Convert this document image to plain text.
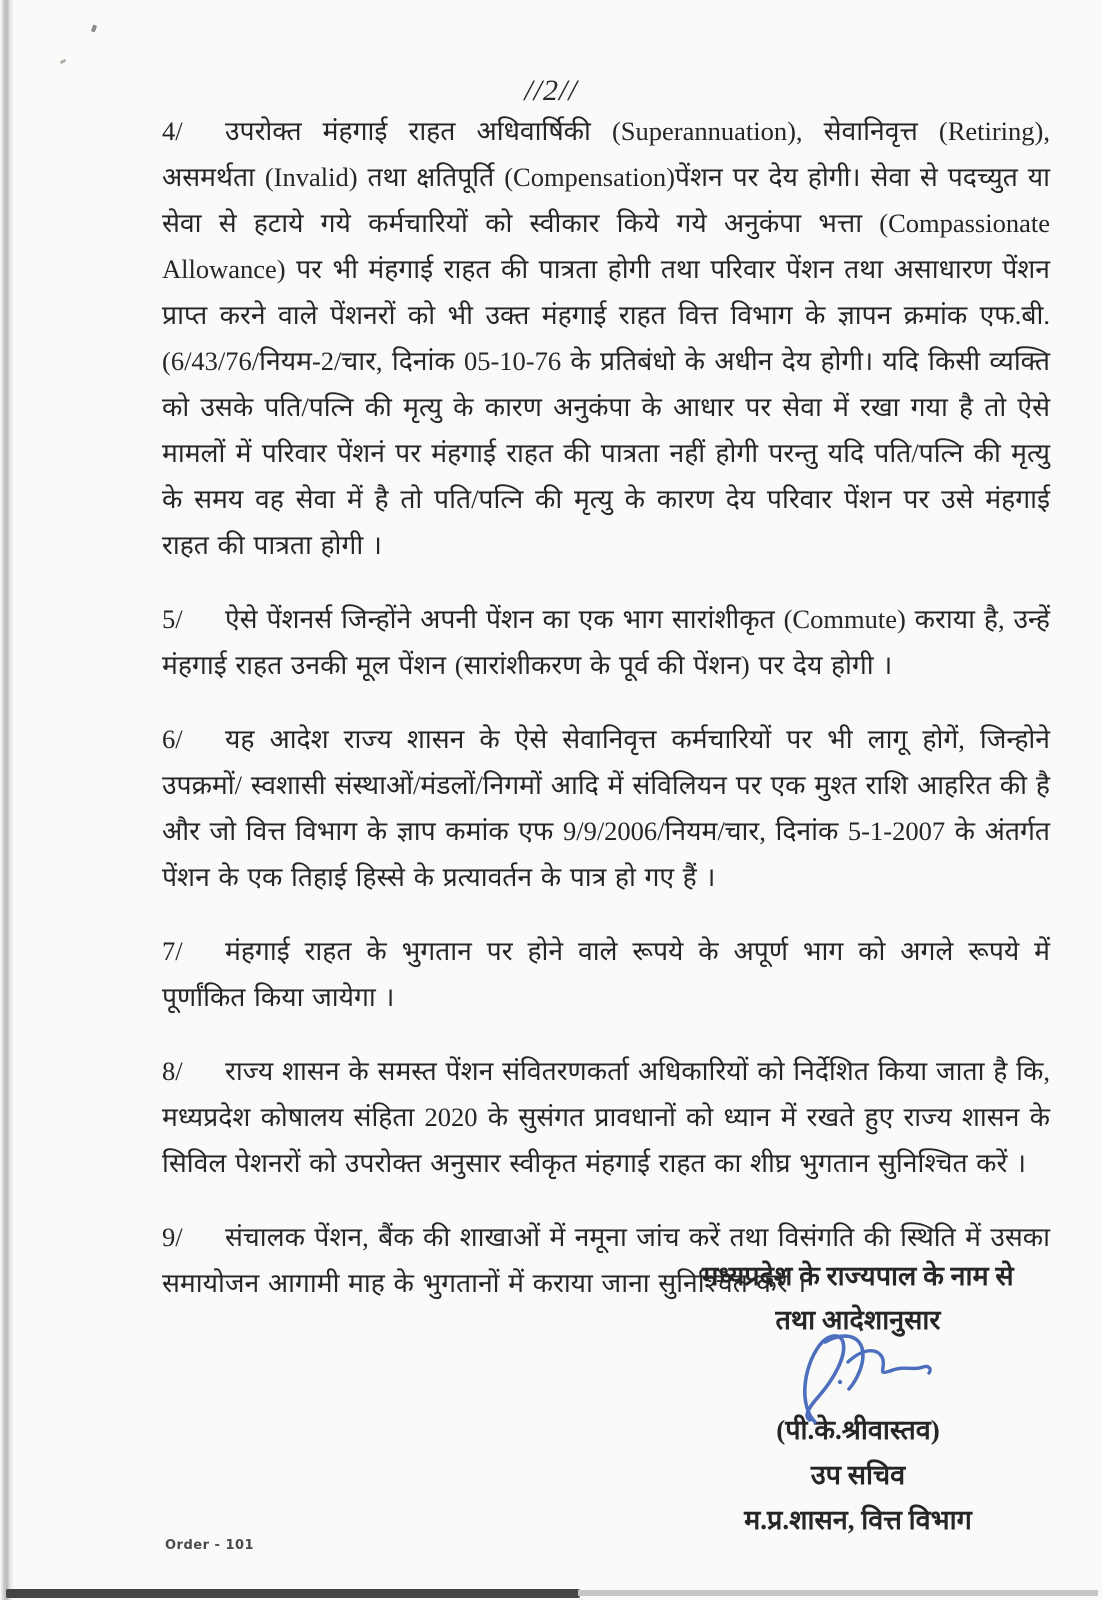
//2//

4/ उपरोक्त मंहगाई राहत अधिवार्षिकी (Superannuation), सेवानिवृत्त (Retiring), असमर्थता (Invalid) तथा क्षतिपूर्ति (Compensation)पेंशन पर देय होगी। सेवा से पदच्युत या सेवा से हटाये गये कर्मचारियों को स्वीकार किये गये अनुकंपा भत्ता (Compassionate Allowance) पर भी मंहगाई राहत की पात्रता होगी तथा परिवार पेंशन तथा असाधारण पेंशन प्राप्त करने वाले पेंशनरों को भी उक्त मंहगाई राहत वित्त विभाग के ज्ञापन क्रमांक एफ.बी. (6/43/76/नियम-2/चार, दिनांक 05-10-76 के प्रतिबंधो के अधीन देय होगी। यदि किसी व्यक्ति को उसके पति/पत्नि की मृत्यु के कारण अनुकंपा के आधार पर सेवा में रखा गया है तो ऐसे मामलों में परिवार पेंशनं पर मंहगाई राहत की पात्रता नहीं होगी परन्तु यदि पति/पत्नि की मृत्यु के समय वह सेवा में है तो पति/पत्नि की मृत्यु के कारण देय परिवार पेंशन पर उसे मंहगाई राहत की पात्रता होगी ।

5/ ऐसे पेंशनर्स जिन्होंने अपनी पेंशन का एक भाग सारांशीकृत (Commute) कराया है, उन्हें मंहगाई राहत उनकी मूल पेंशन (सारांशीकरण के पूर्व की पेंशन) पर देय होगी ।

6/ यह आदेश राज्य शासन के ऐसे सेवानिवृत्त कर्मचारियों पर भी लागू होगें, जिन्होने उपक्रमों/ स्वशासी संस्थाओं/मंडलों/निगमों आदि में संविलियन पर एक मुश्त राशि आहरित की है और जो वित्त विभाग के ज्ञाप कमांक एफ 9/9/2006/नियम/चार, दिनांक 5-1-2007 के अंतर्गत पेंशन के एक तिहाई हिस्से के प्रत्यावर्तन के पात्र हो गए हैं ।

7/ मंहगाई राहत के भुगतान पर होने वाले रूपये के अपूर्ण भाग को अगले रूपये में पूर्णांकित किया जायेगा ।

8/ राज्य शासन के समस्त पेंशन संवितरणकर्ता अधिकारियों को निर्देशित किया जाता है कि, मध्यप्रदेश कोषालय संहिता 2020 के सुसंगत प्रावधानों को ध्यान में रखते हुए राज्य शासन के सिविल पेशनरों को उपरोक्त अनुसार स्वीकृत मंहगाई राहत का शीघ्र भुगतान सुनिश्चित करें ।

9/ संचालक पेंशन, बैंक की शाखाओं में नमूना जांच करें तथा विसंगति की स्थिति में उसका समायोजन आगामी माह के भुगतानों में कराया जाना सुनिश्चित करें ।

मध्यप्रदेश के राज्यपाल के नाम से
तथा आदेशानुसार
(पी.के.श्रीवास्तव)
उप सचिव
म.प्र.शासन, वित्त विभाग
Order - 101
